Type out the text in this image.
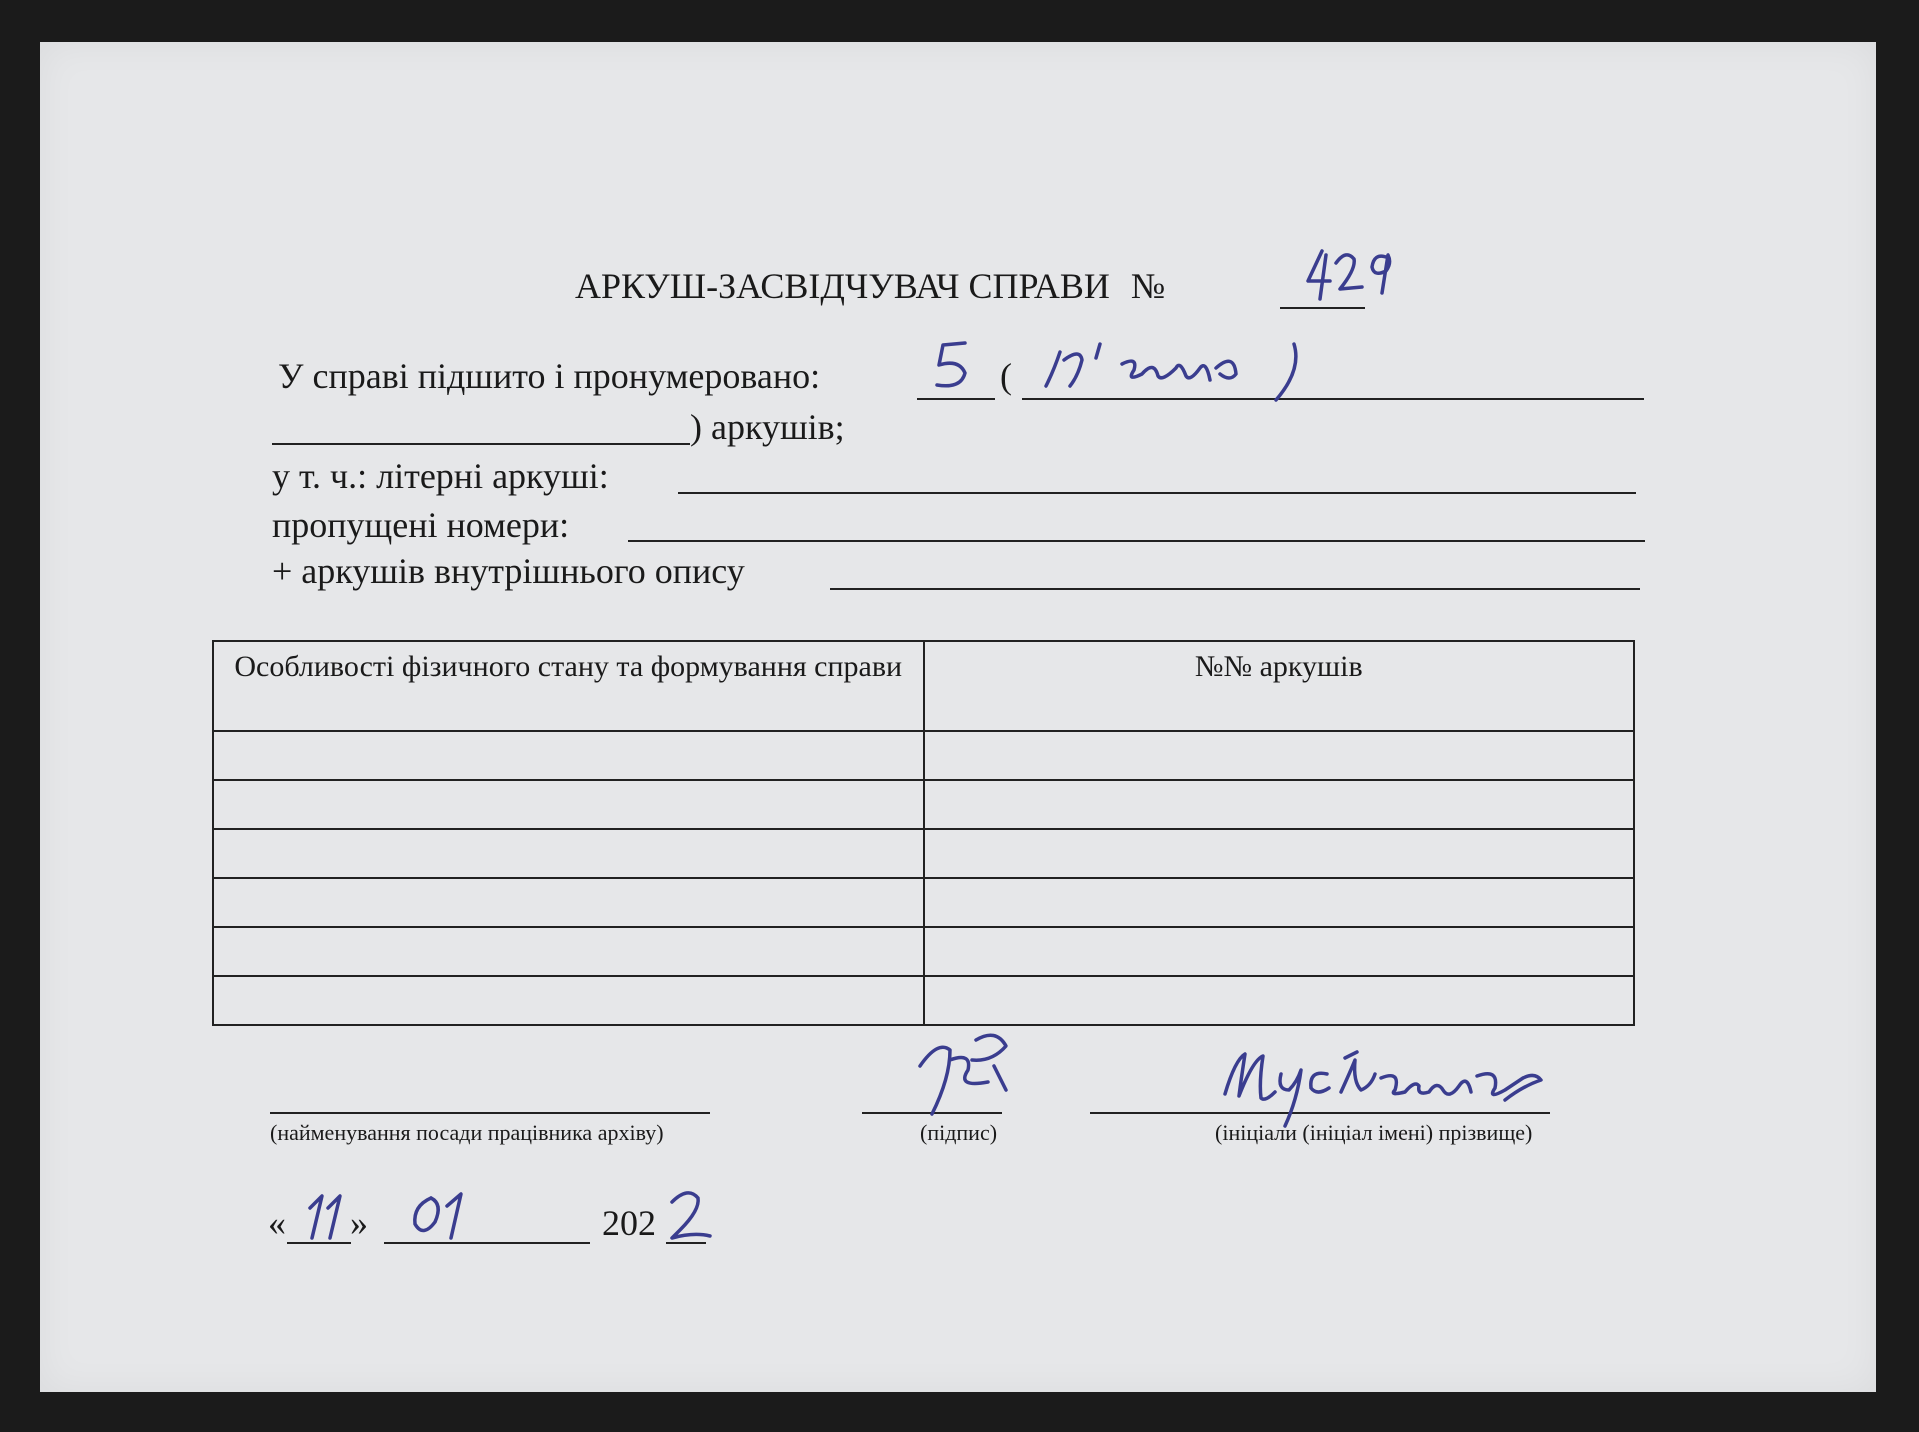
АРКУШ-ЗАСВІДЧУВАЧ СПРАВИ №
У справі підшито і пронумеровано:	(
) аркушів;
у т. ч.: літерні аркуші:
пропущені номери:
+ аркушів внутрішнього опису
Особливості фізичного стану та формування справи	№№ аркушів

(найменування посади працівника архіву)	(підпис)	(ініціали (ініціал імені) прізвище)
« »	202
